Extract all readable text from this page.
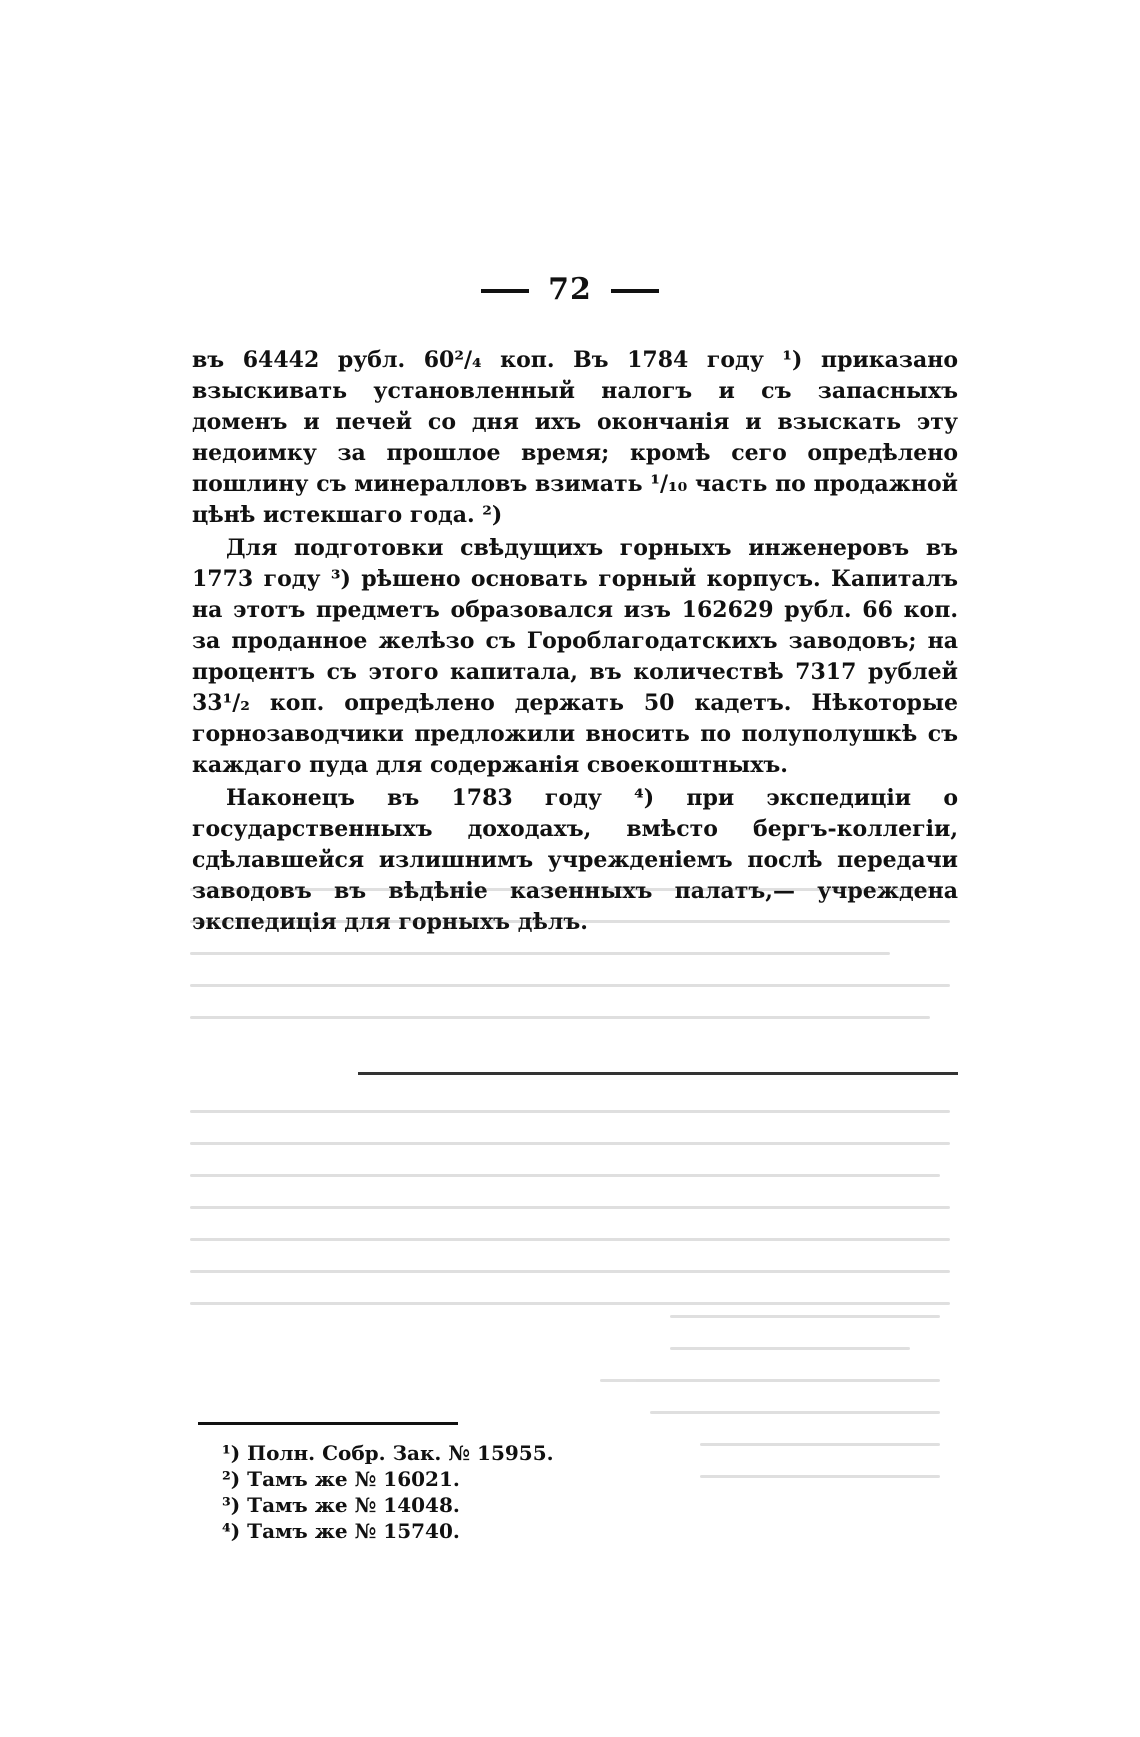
72

въ 64442 рубл. 60²/₄ коп. Въ 1784 году ¹) приказано взыскивать установленный налогъ и съ запасныхъ доменъ и печей со дня ихъ окончанія и взыскать эту недоимку за прошлое время; кромѣ сего опредѣлено пошлину съ минералловъ взимать ¹/₁₀ часть по продажной цѣнѣ истекшаго года. ²)

Для подготовки свѣдущихъ горныхъ инженеровъ въ 1773 году ³) рѣшено основать горный корпусъ. Капиталъ на этотъ предметъ образовался изъ 162629 рубл. 66 коп. за проданное желѣзо съ Гороблагодатскихъ заводовъ; на процентъ съ этого капитала, въ количествѣ 7317 рублей 33¹/₂ коп. опредѣлено держать 50 кадетъ. Нѣкоторые горнозаводчики предложили вносить по полуполушкѣ съ каждаго пуда для содержанія своекоштныхъ.

Наконецъ въ 1783 году ⁴) при экспедиціи о государственныхъ доходахъ, вмѣсто бергъ-коллегіи, сдѣлавшейся излишнимъ учрежденіемъ послѣ передачи заводовъ въ вѣдѣніе казенныхъ палатъ,— учреждена экспедиція для горныхъ дѣлъ.

¹) Полн. Собр. Зак. № 15955.

²) Тамъ же № 16021.

³) Тамъ же № 14048.

⁴) Тамъ же № 15740.
